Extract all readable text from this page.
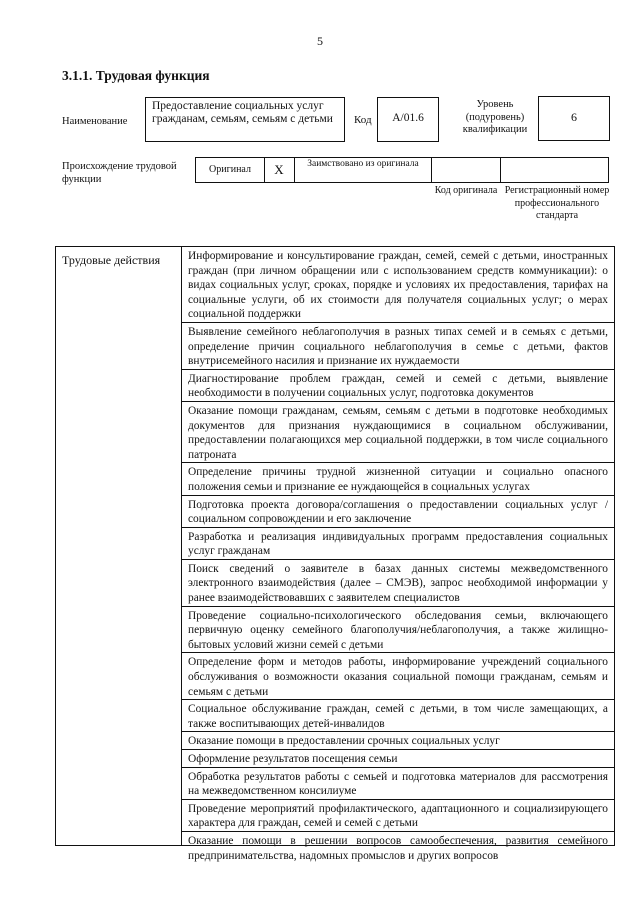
5
3.1.1. Трудовая функция
Наименование
Предоставление социальных услуг гражданам, семьям, семьям с детьми	Код	А/01.6
Уровень (подуровень) квалификации
6
Происхождение трудовой функции
Оригинал	X	Заимствовано из оригинала
Код оригинала Регистрационный номер профессионального стандарта
Трудовые действия	Информирование и консультирование граждан, семей, семей с детьми, иностранных граждан (при личном обращении или с использованием средств коммуникации): о видах социальных услуг, сроках, порядке и условиях их предоставления, тарифах на социальные услуги, об их стоимости для получателя социальных услуг; о мерах социальной поддержки
Выявление семейного неблагополучия в разных типах семей и в семьях с детьми, определение причин социального неблагополучия в семье с детьми, фактов внутрисемейного насилия и признание их нуждаемости
Диагностирование проблем граждан, семей и семей с детьми, выявление необходимости в получении социальных услуг, подготовка документов
Оказание помощи гражданам, семьям, семьям с детьми в подготовке необходимых документов для признания нуждающимися в социальном обслуживании, предоставлении полагающихся мер социальной поддержки, в том числе социального патроната
Определение причины трудной жизненной ситуации и социально опасного положения семьи и признание ее нуждающейся в социальных услугах
Подготовка проекта договора/соглашения о предоставлении социальных услуг / социальном сопровождении и его заключение
Разработка и реализация индивидуальных программ предоставления социальных услуг гражданам
Поиск сведений о заявителе в базах данных системы межведомственного электронного взаимодействия (далее – СМЭВ), запрос необходимой информации у ранее взаимодействовавших с заявителем специалистов
Проведение социально-психологического обследования семьи, включающего первичную оценку семейного благополучия/неблагополучия, а также жилищно-бытовых условий жизни семей с детьми
Определение форм и методов работы, информирование учреждений социального обслуживания о возможности оказания социальной помощи гражданам, семьям и семьям с детьми
Социальное обслуживание граждан, семей с детьми, в том числе замещающих, а также воспитывающих детей-инвалидов
Оказание помощи в предоставлении срочных социальных услуг
Оформление результатов посещения семьи
Обработка результатов работы с семьей и подготовка материалов для рассмотрения на межведомственном консилиуме
Проведение мероприятий профилактического, адаптационного и социализирующего характера для граждан, семей и семей с детьми
Оказание помощи в решении вопросов самообеспечения, развития семейного предпринимательства, надомных промыслов и других вопросов
